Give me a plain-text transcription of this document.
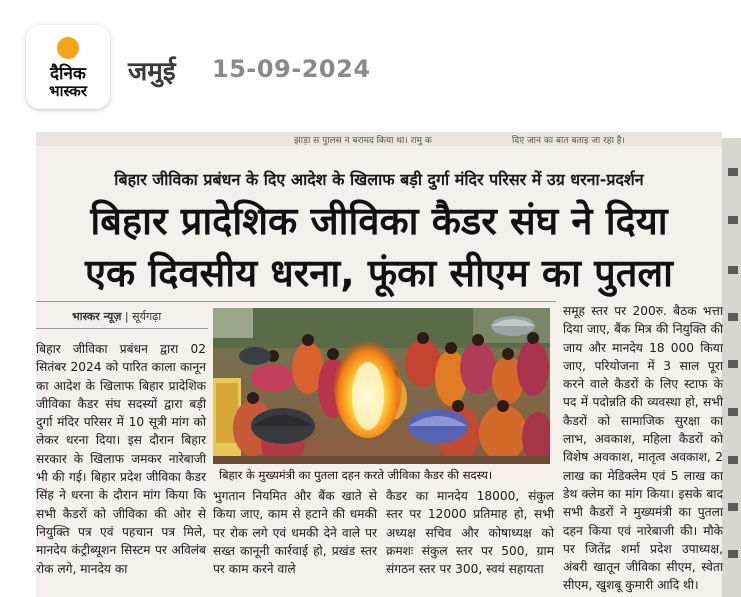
दैनिक
भास्कर
जमुई 15-09-2024
झाड़ा स पुालस न बरामद किया था। रामु क	दिए जान का बात बताइ जा रहा है।
बिहार जीविका प्रबंधन के दिए आदेश के खिलाफ बड़ी दुर्गा मंदिर परिसर में उग्र धरना-प्रदर्शन
बिहार प्रादेशिक जीविका कैडर संघ ने दिया
एक दिवसीय धरना, फूंका सीएम का पुतला
भास्कर न्यूज़ | सूर्यगढ़ा

बिहार जीविका प्रबंधन द्वारा 02 सितंबर 2024 को पारित काला कानून का आदेश के खिलाफ बिहार प्रादेशिक जीविका कैडर संघ सदस्यों द्वारा बड़ी दुर्गा मंदिर परिसर में 10 सूत्री मांग को लेकर धरना दिया। इस दौरान बिहार सरकार के खिलाफ जमकर नारेबाजी भी की गई। बिहार प्रदेश जीविका कैडर सिंह ने धरना के दौरान मांग किया कि सभी कैडरों को जीविका की ओर से नियुक्ति पत्र एवं पहचान पत्र मिले, मानदेय कंट्रीब्यूशन सिस्टम पर अविलंब रोक लगे, मानदेय का

बिहार के मुख्यमंत्री का पुतला दहन करते जीविका कैडर की सदस्य।

भुगतान नियमित और बैंक खाते से किया जाए, काम से हटाने की धमकी पर रोक लगे एवं धमकी देने वाले पर सख्त कानूनी कार्रवाई हो, प्रखंड स्तर पर काम करने वाले

कैडर का मानदेय 18000, संकुल स्तर पर 12000 प्रतिमाह हो, सभी अध्यक्ष सचिव और कोषाध्यक्ष को क्रमशः संकुल स्तर पर 500, ग्राम संगठन स्तर पर 300, स्वयं सहायता

समूह स्तर पर 200रु. बैठक भत्ता दिया जाए, बैंक मित्र की नियुक्ति की जाय और मानदेय 18 000 किया जाए, परियोजना में 3 साल पूरा करने वाले कैडरों के लिए स्टाफ के पद में पदोन्नति की व्यवस्था हो, सभी कैडरों को सामाजिक सुरक्षा का लाभ, अवकाश, महिला कैडरों को विशेष अवकाश, मातृत्व अवकाश, 2 लाख का मेडिक्लेम एवं 5 लाख का डेथ क्लेम का मांग किया। इसके बाद सभी कैडरों ने मुख्यमंत्री का पुतला दहन किया एवं नारेबाजी की। मौके पर जितेंद्र शर्मा प्रदेश उपाध्यक्ष, अंबरी खातून जीविका सीएम, स्वेता सीएम, खुशबू कुमारी आदि थी।
